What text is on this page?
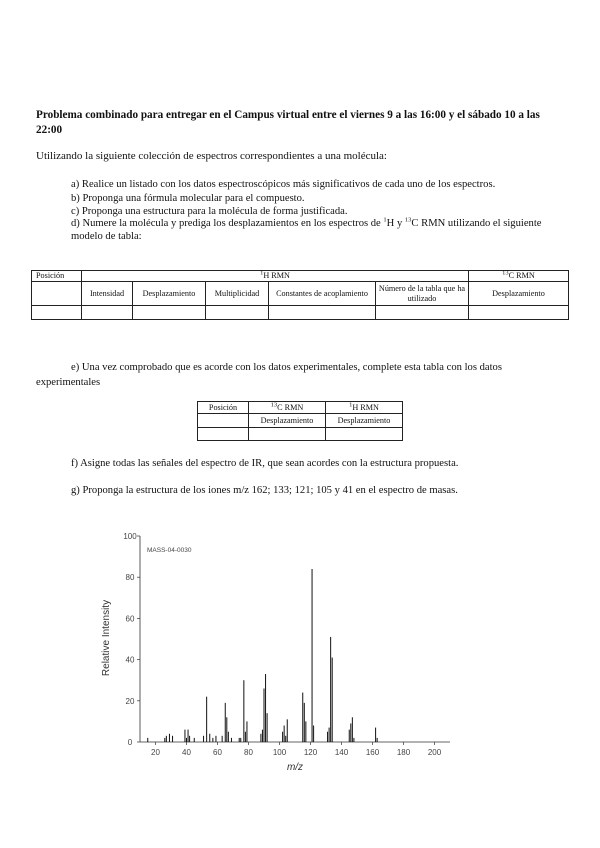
Problema combinado para entregar en el Campus virtual entre el viernes 9 a las 16:00 y el sábado 10 a las 22:00
Utilizando la siguiente colección de espectros correspondientes a una molécula:
a) Realice un listado con los datos espectroscópicos más significativos de cada uno de los espectros.
b) Proponga una fórmula molecular para el compuesto.
c) Proponga una estructura para la molécula de forma justificada.
d) Numere la molécula y prediga los desplazamientos en los espectros de $^1$H y $^{13}$C RMN utilizando el siguiente modelo de tabla:
Posición	$^1$H RMN					$^{13}$C RMN
	Intensidad	Desplazamiento	Multiplicidad	Constantes de acoplamiento	Número de la tabla que ha utilizado	Desplazamiento

e) Una vez comprobado que es acorde con los datos experimentales, complete esta tabla con los datos experimentales
Posición	$^{13}$C RMN	$^1$H RMN
	Desplazamiento	Desplazamiento

f) Asigne todas las señales del espectro de IR, que sean acordes con la estructura propuesta.
g) Proponga la estructura de los iones m/z 162; 133; 121; 105 y 41 en el espectro de masas.
MASS-04-0030
Relative Intensity
m/z
20	40	60	80 100 120 140 160 180 200
0
20
40
60
80
100
